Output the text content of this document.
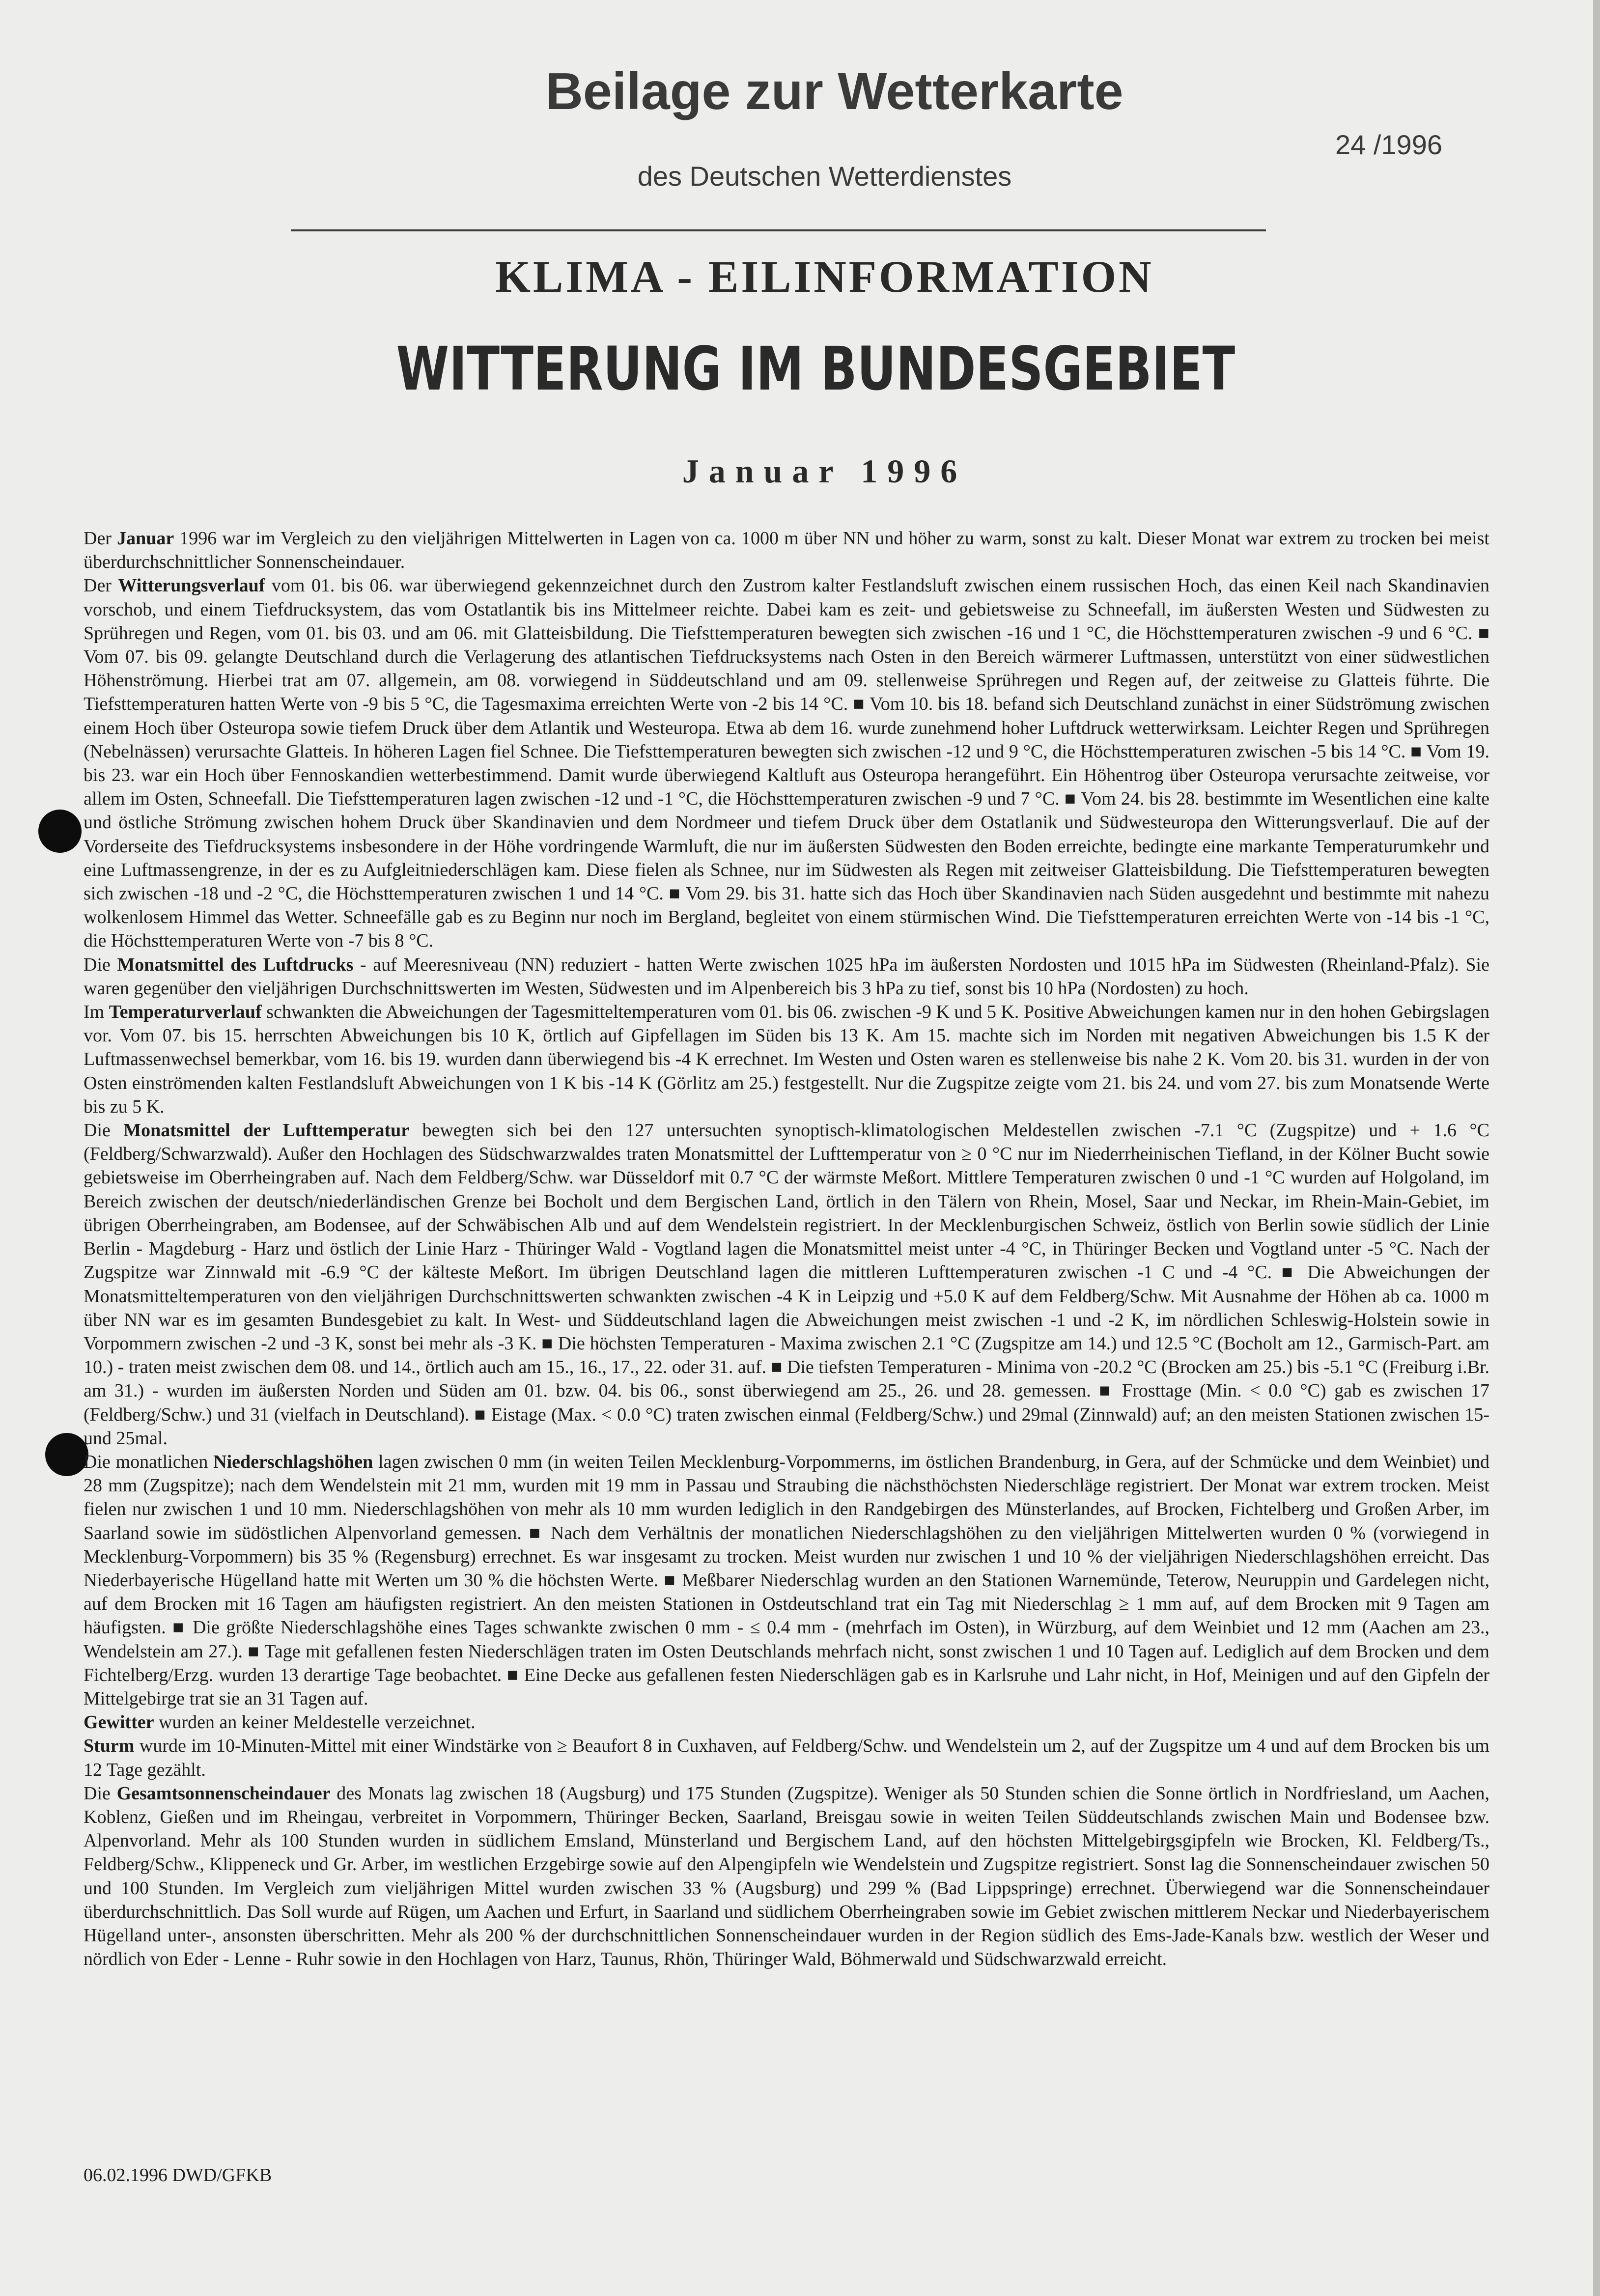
Beilage zur Wetterkarte
24 /1996
des Deutschen Wetterdienstes
KLIMA - EILINFORMATION
WITTERUNG IM BUNDESGEBIET
Januar 1996

Der Januar 1996 war im Vergleich zu den vieljährigen Mittelwerten in Lagen von ca. 1000 m über NN und höher zu warm, sonst zu kalt. Dieser Monat war extrem zu trocken bei meist überdurchschnittlicher Sonnenscheindauer.

Der Witterungsverlauf vom 01. bis 06. war überwiegend gekennzeichnet durch den Zustrom kalter Festlandsluft zwischen einem russischen Hoch, das einen Keil nach Skandinavien vorschob, und einem Tiefdrucksystem, das vom Ostatlantik bis ins Mittelmeer reichte. Dabei kam es zeit- und gebietsweise zu Schneefall, im äußersten Westen und Südwesten zu Sprühregen und Regen, vom 01. bis 03. und am 06. mit Glatteisbildung. Die Tiefsttemperaturen bewegten sich zwischen -16 und 1 °C, die Höchsttemperaturen zwischen -9 und 6 °C. ■ Vom 07. bis 09. gelangte Deutschland durch die Verlagerung des atlantischen Tiefdrucksystems nach Osten in den Bereich wärmerer Luftmassen, unterstützt von einer südwestlichen Höhenströmung. Hierbei trat am 07. allgemein, am 08. vorwiegend in Süddeutschland und am 09. stellenweise Sprühregen und Regen auf, der zeitweise zu Glatteis führte. Die Tiefsttemperaturen hatten Werte von -9 bis 5 °C, die Tagesmaxima erreichten Werte von -2 bis 14 °C. ■ Vom 10. bis 18. befand sich Deutschland zunächst in einer Südströmung zwischen einem Hoch über Osteuropa sowie tiefem Druck über dem Atlantik und Westeuropa. Etwa ab dem 16. wurde zunehmend hoher Luftdruck wetterwirksam. Leichter Regen und Sprühregen (Nebelnässen) verursachte Glatteis. In höheren Lagen fiel Schnee. Die Tiefsttemperaturen bewegten sich zwischen -12 und 9 °C, die Höchsttemperaturen zwischen -5 bis 14 °C. ■ Vom 19. bis 23. war ein Hoch über Fennoskandien wetterbestimmend. Damit wurde überwiegend Kaltluft aus Osteuropa herangeführt. Ein Höhentrog über Osteuropa verursachte zeitweise, vor allem im Osten, Schneefall. Die Tiefsttemperaturen lagen zwischen -12 und -1 °C, die Höchsttemperaturen zwischen -9 und 7 °C. ■ Vom 24. bis 28. bestimmte im Wesentlichen eine kalte und östliche Strömung zwischen hohem Druck über Skandinavien und dem Nordmeer und tiefem Druck über dem Ostatlanik und Südwesteuropa den Witterungsverlauf. Die auf der Vorderseite des Tiefdrucksystems insbesondere in der Höhe vordringende Warmluft, die nur im äußersten Südwesten den Boden erreichte, bedingte eine markante Temperaturumkehr und eine Luftmassengrenze, in der es zu Aufgleitniederschlägen kam. Diese fielen als Schnee, nur im Südwesten als Regen mit zeitweiser Glatteisbildung. Die Tiefsttemperaturen bewegten sich zwischen -18 und -2 °C, die Höchsttemperaturen zwischen 1 und 14 °C. ■ Vom 29. bis 31. hatte sich das Hoch über Skandinavien nach Süden ausgedehnt und bestimmte mit nahezu wolkenlosem Himmel das Wetter. Schneefälle gab es zu Beginn nur noch im Bergland, begleitet von einem stürmischen Wind. Die Tiefsttemperaturen erreichten Werte von -14 bis -1 °C, die Höchsttemperaturen Werte von -7 bis 8 °C.

Die Monatsmittel des Luftdrucks - auf Meeresniveau (NN) reduziert - hatten Werte zwischen 1025 hPa im äußersten Nordosten und 1015 hPa im Südwesten (Rheinland-Pfalz). Sie waren gegenüber den vieljährigen Durchschnittswerten im Westen, Südwesten und im Alpenbereich bis 3 hPa zu tief, sonst bis 10 hPa (Nordosten) zu hoch.

Im Temperaturverlauf schwankten die Abweichungen der Tagesmitteltemperaturen vom 01. bis 06. zwischen -9 K und 5 K. Positive Abweichungen kamen nur in den hohen Gebirgslagen vor. Vom 07. bis 15. herrschten Abweichungen bis 10 K, örtlich auf Gipfellagen im Süden bis 13 K. Am 15. machte sich im Norden mit negativen Abweichungen bis 1.5 K der Luftmassenwechsel bemerkbar, vom 16. bis 19. wurden dann überwiegend bis -4 K errechnet. Im Westen und Osten waren es stellenweise bis nahe 2 K. Vom 20. bis 31. wurden in der von Osten einströmenden kalten Festlandsluft Abweichungen von 1 K bis -14 K (Görlitz am 25.) festgestellt. Nur die Zugspitze zeigte vom 21. bis 24. und vom 27. bis zum Monatsende Werte bis zu 5 K.

Die Monatsmittel der Lufttemperatur bewegten sich bei den 127 untersuchten synoptisch-klimatologischen Meldestellen zwischen -7.1 °C (Zugspitze) und + 1.6 °C (Feldberg/Schwarzwald). Außer den Hochlagen des Südschwarzwaldes traten Monatsmittel der Lufttemperatur von ≥ 0 °C nur im Niederrheinischen Tiefland, in der Kölner Bucht sowie gebietsweise im Oberrheingraben auf. Nach dem Feldberg/Schw. war Düsseldorf mit 0.7 °C der wärmste Meßort. Mittlere Temperaturen zwischen 0 und -1 °C wurden auf Holgoland, im Bereich zwischen der deutsch/niederländischen Grenze bei Bocholt und dem Bergischen Land, örtlich in den Tälern von Rhein, Mosel, Saar und Neckar, im Rhein-Main-Gebiet, im übrigen Oberrheingraben, am Bodensee, auf der Schwäbischen Alb und auf dem Wendelstein registriert. In der Mecklenburgischen Schweiz, östlich von Berlin sowie südlich der Linie Berlin - Magdeburg - Harz und östlich der Linie Harz - Thüringer Wald - Vogtland lagen die Monatsmittel meist unter -4 °C, in Thüringer Becken und Vogtland unter -5 °C. Nach der Zugspitze war Zinnwald mit -6.9 °C der kälteste Meßort. Im übrigen Deutschland lagen die mittleren Lufttemperaturen zwischen -1 C und -4 °C. ■ Die Abweichungen der Monatsmitteltemperaturen von den vieljährigen Durchschnittswerten schwankten zwischen -4 K in Leipzig und +5.0 K auf dem Feldberg/Schw. Mit Ausnahme der Höhen ab ca. 1000 m über NN war es im gesamten Bundesgebiet zu kalt. In West- und Süddeutschland lagen die Abweichungen meist zwischen -1 und -2 K, im nördlichen Schleswig-Holstein sowie in Vorpommern zwischen -2 und -3 K, sonst bei mehr als -3 K. ■ Die höchsten Temperaturen - Maxima zwischen 2.1 °C (Zugspitze am 14.) und 12.5 °C (Bocholt am 12., Garmisch-Part. am 10.) - traten meist zwischen dem 08. und 14., örtlich auch am 15., 16., 17., 22. oder 31. auf. ■ Die tiefsten Temperaturen - Minima von -20.2 °C (Brocken am 25.) bis -5.1 °C (Freiburg i.Br. am 31.) - wurden im äußersten Norden und Süden am 01. bzw. 04. bis 06., sonst überwiegend am 25., 26. und 28. gemessen. ■ Frosttage (Min. < 0.0 °C) gab es zwischen 17 (Feldberg/Schw.) und 31 (vielfach in Deutschland). ■ Eistage (Max. < 0.0 °C) traten zwischen einmal (Feldberg/Schw.) und 29mal (Zinnwald) auf; an den meisten Stationen zwischen 15- und 25mal.

Die monatlichen Niederschlagshöhen lagen zwischen 0 mm (in weiten Teilen Mecklenburg-Vorpommerns, im östlichen Brandenburg, in Gera, auf der Schmücke und dem Weinbiet) und 28 mm (Zugspitze); nach dem Wendelstein mit 21 mm, wurden mit 19 mm in Passau und Straubing die nächsthöchsten Niederschläge registriert. Der Monat war extrem trocken. Meist fielen nur zwischen 1 und 10 mm. Niederschlagshöhen von mehr als 10 mm wurden lediglich in den Randgebirgen des Münsterlandes, auf Brocken, Fichtelberg und Großen Arber, im Saarland sowie im südöstlichen Alpenvorland gemessen. ■ Nach dem Verhältnis der monatlichen Niederschlagshöhen zu den vieljährigen Mittelwerten wurden 0 % (vorwiegend in Mecklenburg-Vorpommern) bis 35 % (Regensburg) errechnet. Es war insgesamt zu trocken. Meist wurden nur zwischen 1 und 10 % der vieljährigen Niederschlagshöhen erreicht. Das Niederbayerische Hügelland hatte mit Werten um 30 % die höchsten Werte. ■ Meßbarer Niederschlag wurden an den Stationen Warnemünde, Teterow, Neuruppin und Gardelegen nicht, auf dem Brocken mit 16 Tagen am häufigsten registriert. An den meisten Stationen in Ostdeutschland trat ein Tag mit Niederschlag ≥ 1 mm auf, auf dem Brocken mit 9 Tagen am häufigsten. ■ Die größte Niederschlagshöhe eines Tages schwankte zwischen 0 mm - ≤ 0.4 mm - (mehrfach im Osten), in Würzburg, auf dem Weinbiet und 12 mm (Aachen am 23., Wendelstein am 27.). ■ Tage mit gefallenen festen Niederschlägen traten im Osten Deutschlands mehrfach nicht, sonst zwischen 1 und 10 Tagen auf. Lediglich auf dem Brocken und dem Fichtelberg/Erzg. wurden 13 derartige Tage beobachtet. ■ Eine Decke aus gefallenen festen Niederschlägen gab es in Karlsruhe und Lahr nicht, in Hof, Meinigen und auf den Gipfeln der Mittelgebirge trat sie an 31 Tagen auf.

Gewitter wurden an keiner Meldestelle verzeichnet.

Sturm wurde im 10-Minuten-Mittel mit einer Windstärke von ≥ Beaufort 8 in Cuxhaven, auf Feldberg/Schw. und Wendelstein um 2, auf der Zugspitze um 4 und auf dem Brocken bis um 12 Tage gezählt.

Die Gesamtsonnenscheindauer des Monats lag zwischen 18 (Augsburg) und 175 Stunden (Zugspitze). Weniger als 50 Stunden schien die Sonne örtlich in Nordfriesland, um Aachen, Koblenz, Gießen und im Rheingau, verbreitet in Vorpommern, Thüringer Becken, Saarland, Breisgau sowie in weiten Teilen Süddeutschlands zwischen Main und Bodensee bzw. Alpenvorland. Mehr als 100 Stunden wurden in südlichem Emsland, Münsterland und Bergischem Land, auf den höchsten Mittelgebirgsgipfeln wie Brocken, Kl. Feldberg/Ts., Feldberg/Schw., Klippeneck und Gr. Arber, im westlichen Erzgebirge sowie auf den Alpengipfeln wie Wendelstein und Zugspitze registriert. Sonst lag die Sonnenscheindauer zwischen 50 und 100 Stunden. Im Vergleich zum vieljährigen Mittel wurden zwischen 33 % (Augsburg) und 299 % (Bad Lippspringe) errechnet. Überwiegend war die Sonnenscheindauer überdurchschnittlich. Das Soll wurde auf Rügen, um Aachen und Erfurt, in Saarland und südlichem Oberrheingraben sowie im Gebiet zwischen mittlerem Neckar und Niederbayerischem Hügelland unter-, ansonsten überschritten. Mehr als 200 % der durchschnittlichen Sonnenscheindauer wurden in der Region südlich des Ems-Jade-Kanals bzw. westlich der Weser und nördlich von Eder - Lenne - Ruhr sowie in den Hochlagen von Harz, Taunus, Rhön, Thüringer Wald, Böhmerwald und Südschwarzwald erreicht.

06.02.1996 DWD/GFKB
